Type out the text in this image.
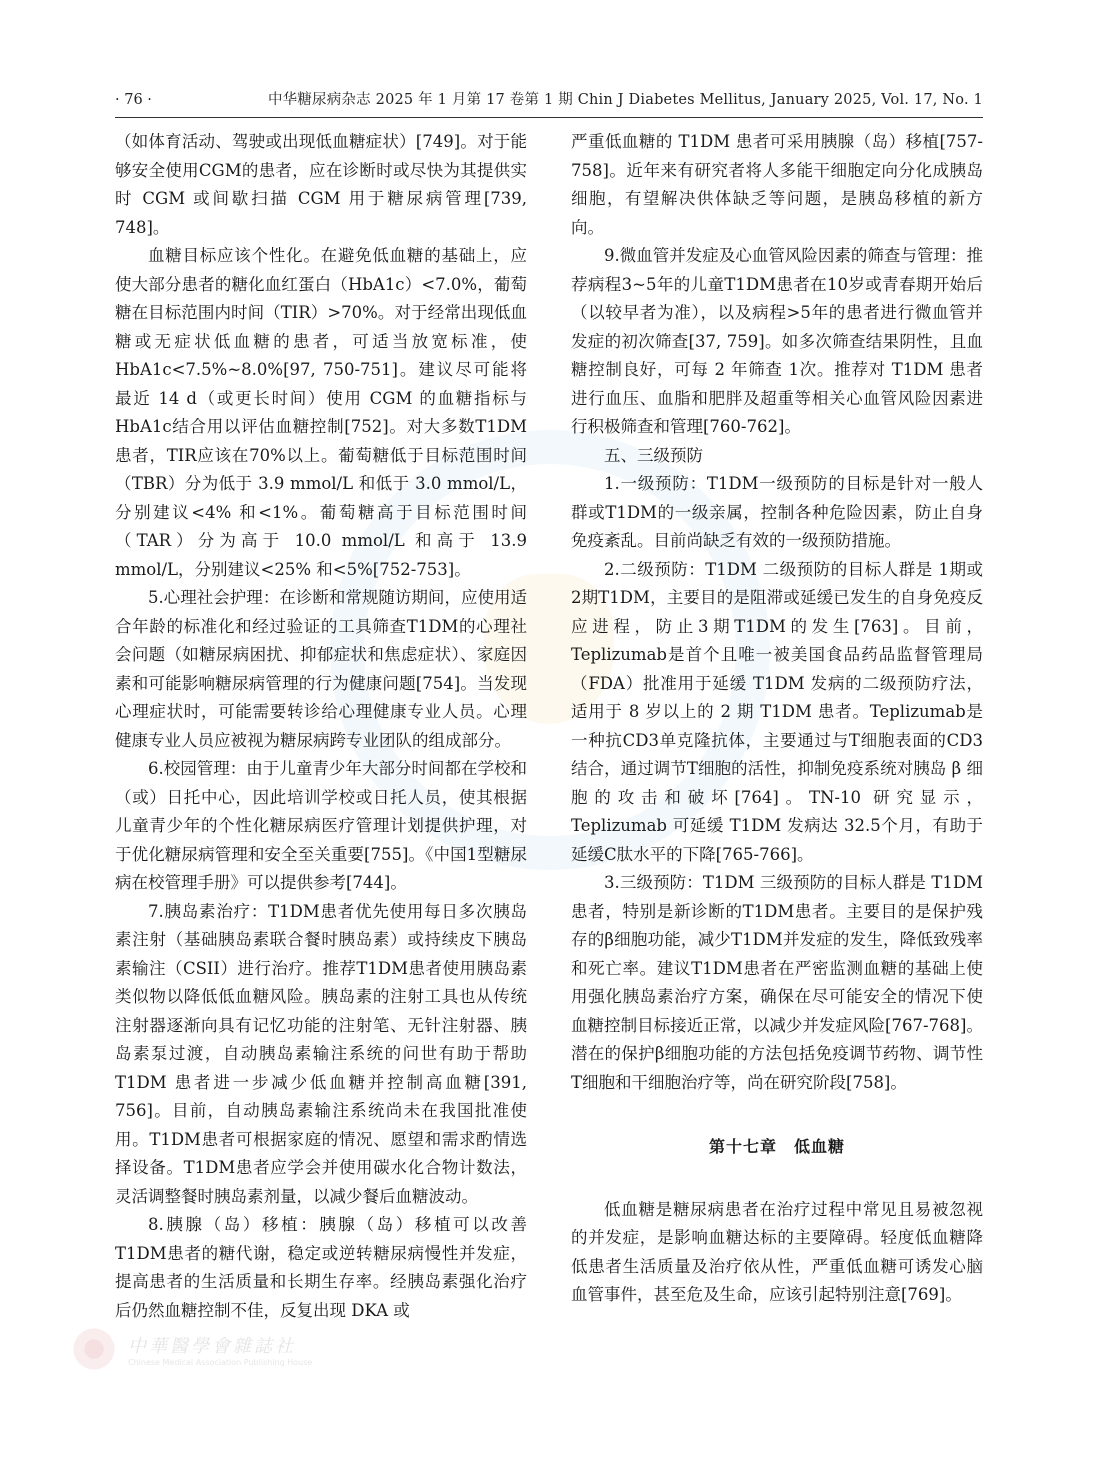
· 76 ·	中华糖尿病杂志 2025 年 1 月第 17 卷第 1 期 Chin J Diabetes Mellitus, January 2025, Vol. 17, No. 1

（如体育活动、驾驶或出现低血糖症状）[749]。对于能够安全使用CGM的患者，应在诊断时或尽快为其提供实时 CGM 或间歇扫描 CGM 用于糖尿病管理[739, 748]。

血糖目标应该个性化。在避免低血糖的基础上，应使大部分患者的糖化血红蛋白（HbA1c）<7.0%，葡萄糖在目标范围内时间（TIR）>70%。对于经常出现低血糖或无症状低血糖的患者，可适当放宽标准，使 HbA1c<7.5%~8.0%[97, 750-751]。建议尽可能将最近 14 d（或更长时间）使用 CGM 的血糖指标与HbA1c结合用以评估血糖控制[752]。对大多数T1DM患者，TIR应该在70%以上。葡萄糖低于目标范围时间（TBR）分为低于 3.9 mmol/L 和低于 3.0 mmol/L，分别建议<4% 和<1%。葡萄糖高于目标范围时间（TAR）分为高于 10.0 mmol/L 和高于 13.9 mmol/L，分别建议<25% 和<5%[752-753]。

5.心理社会护理：在诊断和常规随访期间，应使用适合年龄的标准化和经过验证的工具筛查T1DM的心理社会问题（如糖尿病困扰、抑郁症状和焦虑症状）、家庭因素和可能影响糖尿病管理的行为健康问题[754]。当发现心理症状时，可能需要转诊给心理健康专业人员。心理健康专业人员应被视为糖尿病跨专业团队的组成部分。

6.校园管理：由于儿童青少年大部分时间都在学校和（或）日托中心，因此培训学校或日托人员，使其根据儿童青少年的个性化糖尿病医疗管理计划提供护理，对于优化糖尿病管理和安全至关重要[755]。《中国1型糖尿病在校管理手册》可以提供参考[744]。

7.胰岛素治疗：T1DM患者优先使用每日多次胰岛素注射（基础胰岛素联合餐时胰岛素）或持续皮下胰岛素输注（CSII）进行治疗。推荐T1DM患者使用胰岛素类似物以降低低血糖风险。胰岛素的注射工具也从传统注射器逐渐向具有记忆功能的注射笔、无针注射器、胰岛素泵过渡，自动胰岛素输注系统的问世有助于帮助 T1DM 患者进一步减少低血糖并控制高血糖[391, 756]。目前，自动胰岛素输注系统尚未在我国批准使用。T1DM患者可根据家庭的情况、愿望和需求酌情选择设备。T1DM患者应学会并使用碳水化合物计数法，灵活调整餐时胰岛素剂量，以减少餐后血糖波动。

8.胰腺（岛）移植：胰腺（岛）移植可以改善T1DM患者的糖代谢，稳定或逆转糖尿病慢性并发症，提高患者的生活质量和长期生存率。经胰岛素强化治疗后仍然血糖控制不佳，反复出现 DKA 或

严重低血糖的 T1DM 患者可采用胰腺（岛）移植[757-758]。近年来有研究者将人多能干细胞定向分化成胰岛细胞，有望解决供体缺乏等问题，是胰岛移植的新方向。

9.微血管并发症及心血管风险因素的筛查与管理：推荐病程3~5年的儿童T1DM患者在10岁或青春期开始后（以较早者为准），以及病程>5年的患者进行微血管并发症的初次筛查[37, 759]。如多次筛查结果阴性，且血糖控制良好，可每 2 年筛查 1次。推荐对 T1DM 患者进行血压、血脂和肥胖及超重等相关心血管风险因素进行积极筛查和管理[760-762]。

五、三级预防

1.一级预防：T1DM一级预防的目标是针对一般人群或T1DM的一级亲属，控制各种危险因素，防止自身免疫紊乱。目前尚缺乏有效的一级预防措施。

2.二级预防：T1DM 二级预防的目标人群是 1期或2期T1DM，主要目的是阻滞或延缓已发生的自身免疫反应进程，防止3期T1DM的发生[763]。目前，Teplizumab是首个且唯一被美国食品药品监督管理局（FDA）批准用于延缓 T1DM 发病的二级预防疗法，适用于 8 岁以上的 2 期 T1DM 患者。Teplizumab是一种抗CD3单克隆抗体，主要通过与T细胞表面的CD3结合，通过调节T细胞的活性，抑制免疫系统对胰岛 β 细胞的攻击和破坏[764]。TN-10 研究显示，Teplizumab 可延缓 T1DM 发病达 32.5个月，有助于延缓C肽水平的下降[765-766]。

3.三级预防：T1DM 三级预防的目标人群是 T1DM患者，特别是新诊断的T1DM患者。主要目的是保护残存的β细胞功能，减少T1DM并发症的发生，降低致残率和死亡率。建议T1DM患者在严密监测血糖的基础上使用强化胰岛素治疗方案，确保在尽可能安全的情况下使血糖控制目标接近正常，以减少并发症风险[767-768]。潜在的保护β细胞功能的方法包括免疫调节药物、调节性T细胞和干细胞治疗等，尚在研究阶段[758]。

第十七章　低血糖

低血糖是糖尿病患者在治疗过程中常见且易被忽视的并发症，是影响血糖达标的主要障碍。轻度低血糖降低患者生活质量及治疗依从性，严重低血糖可诱发心脑血管事件，甚至危及生命，应该引起特别注意[769]。

中華醫學會雜誌社
Chinese Medical Association Publishing House
